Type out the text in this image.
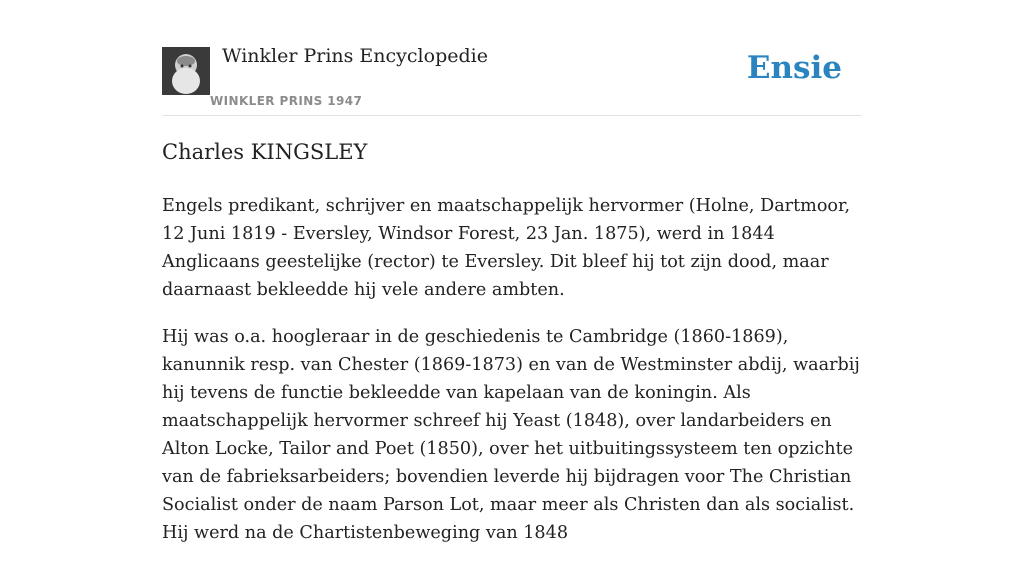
Winkler Prins Encyclopedie
WINKLER PRINS 1947
Ensie
Charles KINGSLEY

Engels predikant, schrijver en maatschappelijk hervormer (Holne, Dartmoor, 12 Juni 1819 - Eversley, Windsor Forest, 23 Jan. 1875), werd in 1844 Anglicaans geestelijke (rector) te Eversley. Dit bleef hij tot zijn dood, maar daarnaast bekleedde hij vele andere ambten.

Hij was o.a. hoogleraar in de geschiedenis te Cambridge (1860-1869), kanunnik resp. van Chester (1869-1873) en van de Westminster abdij, waarbij hij tevens de functie bekleedde van kapelaan van de koningin. Als maatschappelijk hervormer schreef hij Yeast (1848), over landarbeiders en Alton Locke, Tailor and Poet (1850), over het uitbuitingssysteem ten opzichte van de fabrieksarbeiders; bovendien leverde hij bijdragen voor The Christian Socialist onder de naam Parson Lot, maar meer als Christen dan als socialist. Hij werd na de Chartistenbeweging van 1848
